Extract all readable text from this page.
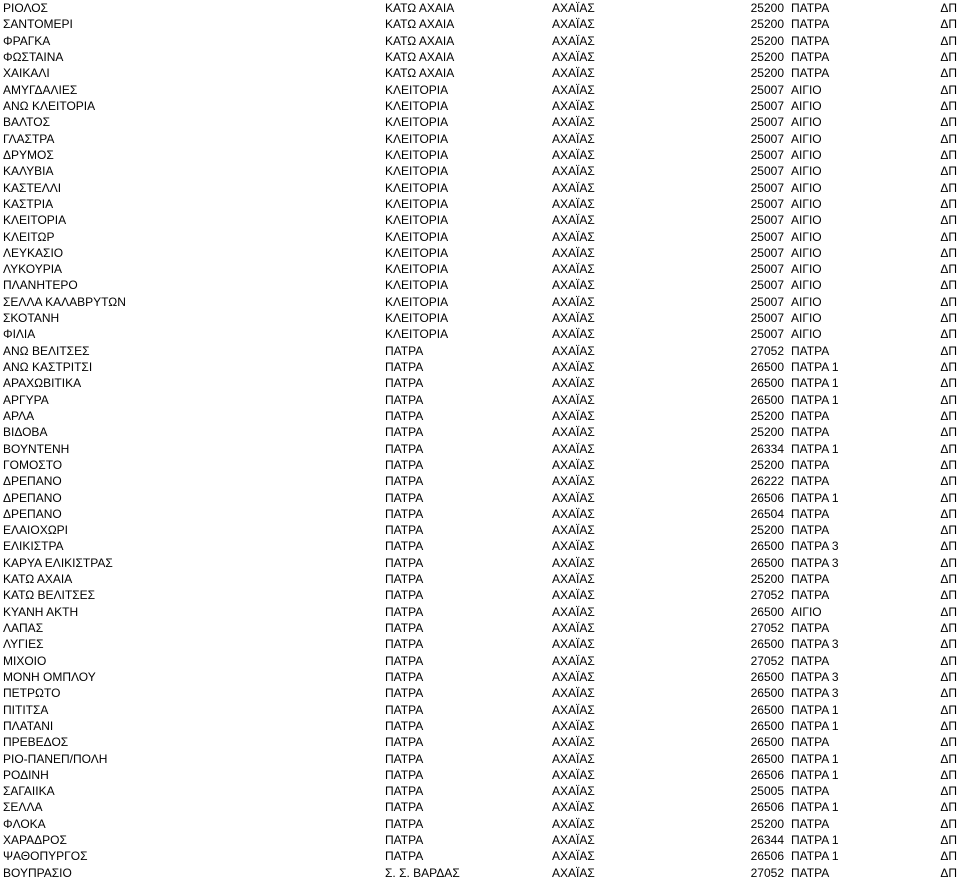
ΡΙΟΛΟΣ	ΚΑΤΩ ΑΧΑΙΑ	ΑΧΑΪΑΣ	25200	ΠΑΤΡΑ	ΔΠ
ΣΑΝΤΟΜΕΡΙ	ΚΑΤΩ ΑΧΑΙΑ	ΑΧΑΪΑΣ	25200	ΠΑΤΡΑ	ΔΠ
ΦΡΑΓΚΑ	ΚΑΤΩ ΑΧΑΙΑ	ΑΧΑΪΑΣ	25200	ΠΑΤΡΑ	ΔΠ
ΦΩΣΤΑΙΝΑ	ΚΑΤΩ ΑΧΑΙΑ	ΑΧΑΪΑΣ	25200	ΠΑΤΡΑ	ΔΠ
ΧΑΙΚΑΛΙ	ΚΑΤΩ ΑΧΑΙΑ	ΑΧΑΪΑΣ	25200	ΠΑΤΡΑ	ΔΠ
ΑΜΥΓΔΑΛΙΕΣ	ΚΛΕΙΤΟΡΙΑ	ΑΧΑΪΑΣ	25007	ΑΙΓΙΟ	ΔΠ
ΑΝΩ ΚΛΕΙΤΟΡΙΑ	ΚΛΕΙΤΟΡΙΑ	ΑΧΑΪΑΣ	25007	ΑΙΓΙΟ	ΔΠ
ΒΑΛΤΟΣ	ΚΛΕΙΤΟΡΙΑ	ΑΧΑΪΑΣ	25007	ΑΙΓΙΟ	ΔΠ
ΓΛΑΣΤΡΑ	ΚΛΕΙΤΟΡΙΑ	ΑΧΑΪΑΣ	25007	ΑΙΓΙΟ	ΔΠ
ΔΡΥΜΟΣ	ΚΛΕΙΤΟΡΙΑ	ΑΧΑΪΑΣ	25007	ΑΙΓΙΟ	ΔΠ
ΚΑΛΥΒΙΑ	ΚΛΕΙΤΟΡΙΑ	ΑΧΑΪΑΣ	25007	ΑΙΓΙΟ	ΔΠ
ΚΑΣΤΕΛΛΙ	ΚΛΕΙΤΟΡΙΑ	ΑΧΑΪΑΣ	25007	ΑΙΓΙΟ	ΔΠ
ΚΑΣΤΡΙΑ	ΚΛΕΙΤΟΡΙΑ	ΑΧΑΪΑΣ	25007	ΑΙΓΙΟ	ΔΠ
ΚΛΕΙΤΟΡΙΑ	ΚΛΕΙΤΟΡΙΑ	ΑΧΑΪΑΣ	25007	ΑΙΓΙΟ	ΔΠ
ΚΛΕΙΤΩΡ	ΚΛΕΙΤΟΡΙΑ	ΑΧΑΪΑΣ	25007	ΑΙΓΙΟ	ΔΠ
ΛΕΥΚΑΣΙΟ	ΚΛΕΙΤΟΡΙΑ	ΑΧΑΪΑΣ	25007	ΑΙΓΙΟ	ΔΠ
ΛΥΚΟΥΡΙΑ	ΚΛΕΙΤΟΡΙΑ	ΑΧΑΪΑΣ	25007	ΑΙΓΙΟ	ΔΠ
ΠΛΑΝΗΤΕΡΟ	ΚΛΕΙΤΟΡΙΑ	ΑΧΑΪΑΣ	25007	ΑΙΓΙΟ	ΔΠ
ΣΕΛΛΑ ΚΑΛΑΒΡΥΤΩΝ	ΚΛΕΙΤΟΡΙΑ	ΑΧΑΪΑΣ	25007	ΑΙΓΙΟ	ΔΠ
ΣΚΟΤΑΝΗ	ΚΛΕΙΤΟΡΙΑ	ΑΧΑΪΑΣ	25007	ΑΙΓΙΟ	ΔΠ
ΦΙΛΙΑ	ΚΛΕΙΤΟΡΙΑ	ΑΧΑΪΑΣ	25007	ΑΙΓΙΟ	ΔΠ
ΑΝΩ ΒΕΛΙΤΣΕΣ	ΠΑΤΡΑ	ΑΧΑΪΑΣ	27052	ΠΑΤΡΑ	ΔΠ
ΑΝΩ ΚΑΣΤΡΙΤΣΙ	ΠΑΤΡΑ	ΑΧΑΪΑΣ	26500	ΠΑΤΡΑ 1	ΔΠ
ΑΡΑΧΩΒΙΤΙΚΑ	ΠΑΤΡΑ	ΑΧΑΪΑΣ	26500	ΠΑΤΡΑ 1	ΔΠ
ΑΡΓΥΡΑ	ΠΑΤΡΑ	ΑΧΑΪΑΣ	26500	ΠΑΤΡΑ 1	ΔΠ
ΑΡΛΑ	ΠΑΤΡΑ	ΑΧΑΪΑΣ	25200	ΠΑΤΡΑ	ΔΠ
ΒΙΔΟΒΑ	ΠΑΤΡΑ	ΑΧΑΪΑΣ	25200	ΠΑΤΡΑ	ΔΠ
ΒΟΥΝΤΕΝΗ	ΠΑΤΡΑ	ΑΧΑΪΑΣ	26334	ΠΑΤΡΑ 1	ΔΠ
ΓΟΜΟΣΤΟ	ΠΑΤΡΑ	ΑΧΑΪΑΣ	25200	ΠΑΤΡΑ	ΔΠ
ΔΡΕΠΑΝΟ	ΠΑΤΡΑ	ΑΧΑΪΑΣ	26222	ΠΑΤΡΑ	ΔΠ
ΔΡΕΠΑΝΟ	ΠΑΤΡΑ	ΑΧΑΪΑΣ	26506	ΠΑΤΡΑ 1	ΔΠ
ΔΡΕΠΑΝΟ	ΠΑΤΡΑ	ΑΧΑΪΑΣ	26504	ΠΑΤΡΑ	ΔΠ
ΕΛΑΙΟΧΩΡΙ	ΠΑΤΡΑ	ΑΧΑΪΑΣ	25200	ΠΑΤΡΑ	ΔΠ
ΕΛΙΚΙΣΤΡΑ	ΠΑΤΡΑ	ΑΧΑΪΑΣ	26500	ΠΑΤΡΑ 3	ΔΠ
ΚΑΡΥΑ ΕΛΙΚΙΣΤΡΑΣ	ΠΑΤΡΑ	ΑΧΑΪΑΣ	26500	ΠΑΤΡΑ 3	ΔΠ
ΚΑΤΩ ΑΧΑΙΑ	ΠΑΤΡΑ	ΑΧΑΪΑΣ	25200	ΠΑΤΡΑ	ΔΠ
ΚΑΤΩ ΒΕΛΙΤΣΕΣ	ΠΑΤΡΑ	ΑΧΑΪΑΣ	27052	ΠΑΤΡΑ	ΔΠ
ΚΥΑΝΗ ΑΚΤΗ	ΠΑΤΡΑ	ΑΧΑΪΑΣ	26500	ΑΙΓΙΟ	ΔΠ
ΛΑΠΑΣ	ΠΑΤΡΑ	ΑΧΑΪΑΣ	27052	ΠΑΤΡΑ	ΔΠ
ΛΥΓΙΕΣ	ΠΑΤΡΑ	ΑΧΑΪΑΣ	26500	ΠΑΤΡΑ 3	ΔΠ
ΜΙΧΟΙΟ	ΠΑΤΡΑ	ΑΧΑΪΑΣ	27052	ΠΑΤΡΑ	ΔΠ
ΜΟΝΗ ΟΜΠΛΟΥ	ΠΑΤΡΑ	ΑΧΑΪΑΣ	26500	ΠΑΤΡΑ 3	ΔΠ
ΠΕΤΡΩΤΟ	ΠΑΤΡΑ	ΑΧΑΪΑΣ	26500	ΠΑΤΡΑ 3	ΔΠ
ΠΙΤΙΤΣΑ	ΠΑΤΡΑ	ΑΧΑΪΑΣ	26500	ΠΑΤΡΑ 1	ΔΠ
ΠΛΑΤΑΝΙ	ΠΑΤΡΑ	ΑΧΑΪΑΣ	26500	ΠΑΤΡΑ 1	ΔΠ
ΠΡΕΒΕΔΟΣ	ΠΑΤΡΑ	ΑΧΑΪΑΣ	26500	ΠΑΤΡΑ	ΔΠ
ΡΙΟ-ΠΑΝΕΠ/ΠΟΛΗ	ΠΑΤΡΑ	ΑΧΑΪΑΣ	26500	ΠΑΤΡΑ 1	ΔΠ
ΡΟΔΙΝΗ	ΠΑΤΡΑ	ΑΧΑΪΑΣ	26506	ΠΑΤΡΑ 1	ΔΠ
ΣΑΓΑΙΙΚΑ	ΠΑΤΡΑ	ΑΧΑΪΑΣ	25005	ΠΑΤΡΑ	ΔΠ
ΣΕΛΛΑ	ΠΑΤΡΑ	ΑΧΑΪΑΣ	26506	ΠΑΤΡΑ 1	ΔΠ
ΦΛΟΚΑ	ΠΑΤΡΑ	ΑΧΑΪΑΣ	25200	ΠΑΤΡΑ	ΔΠ
ΧΑΡΑΔΡΟΣ	ΠΑΤΡΑ	ΑΧΑΪΑΣ	26344	ΠΑΤΡΑ 1	ΔΠ
ΨΑΘΟΠΥΡΓΟΣ	ΠΑΤΡΑ	ΑΧΑΪΑΣ	26506	ΠΑΤΡΑ 1	ΔΠ
ΒΟΥΠΡΑΣΙΟ	Σ. Σ. ΒΑΡΔΑΣ	ΑΧΑΪΑΣ	27052	ΠΑΤΡΑ	ΔΠ
